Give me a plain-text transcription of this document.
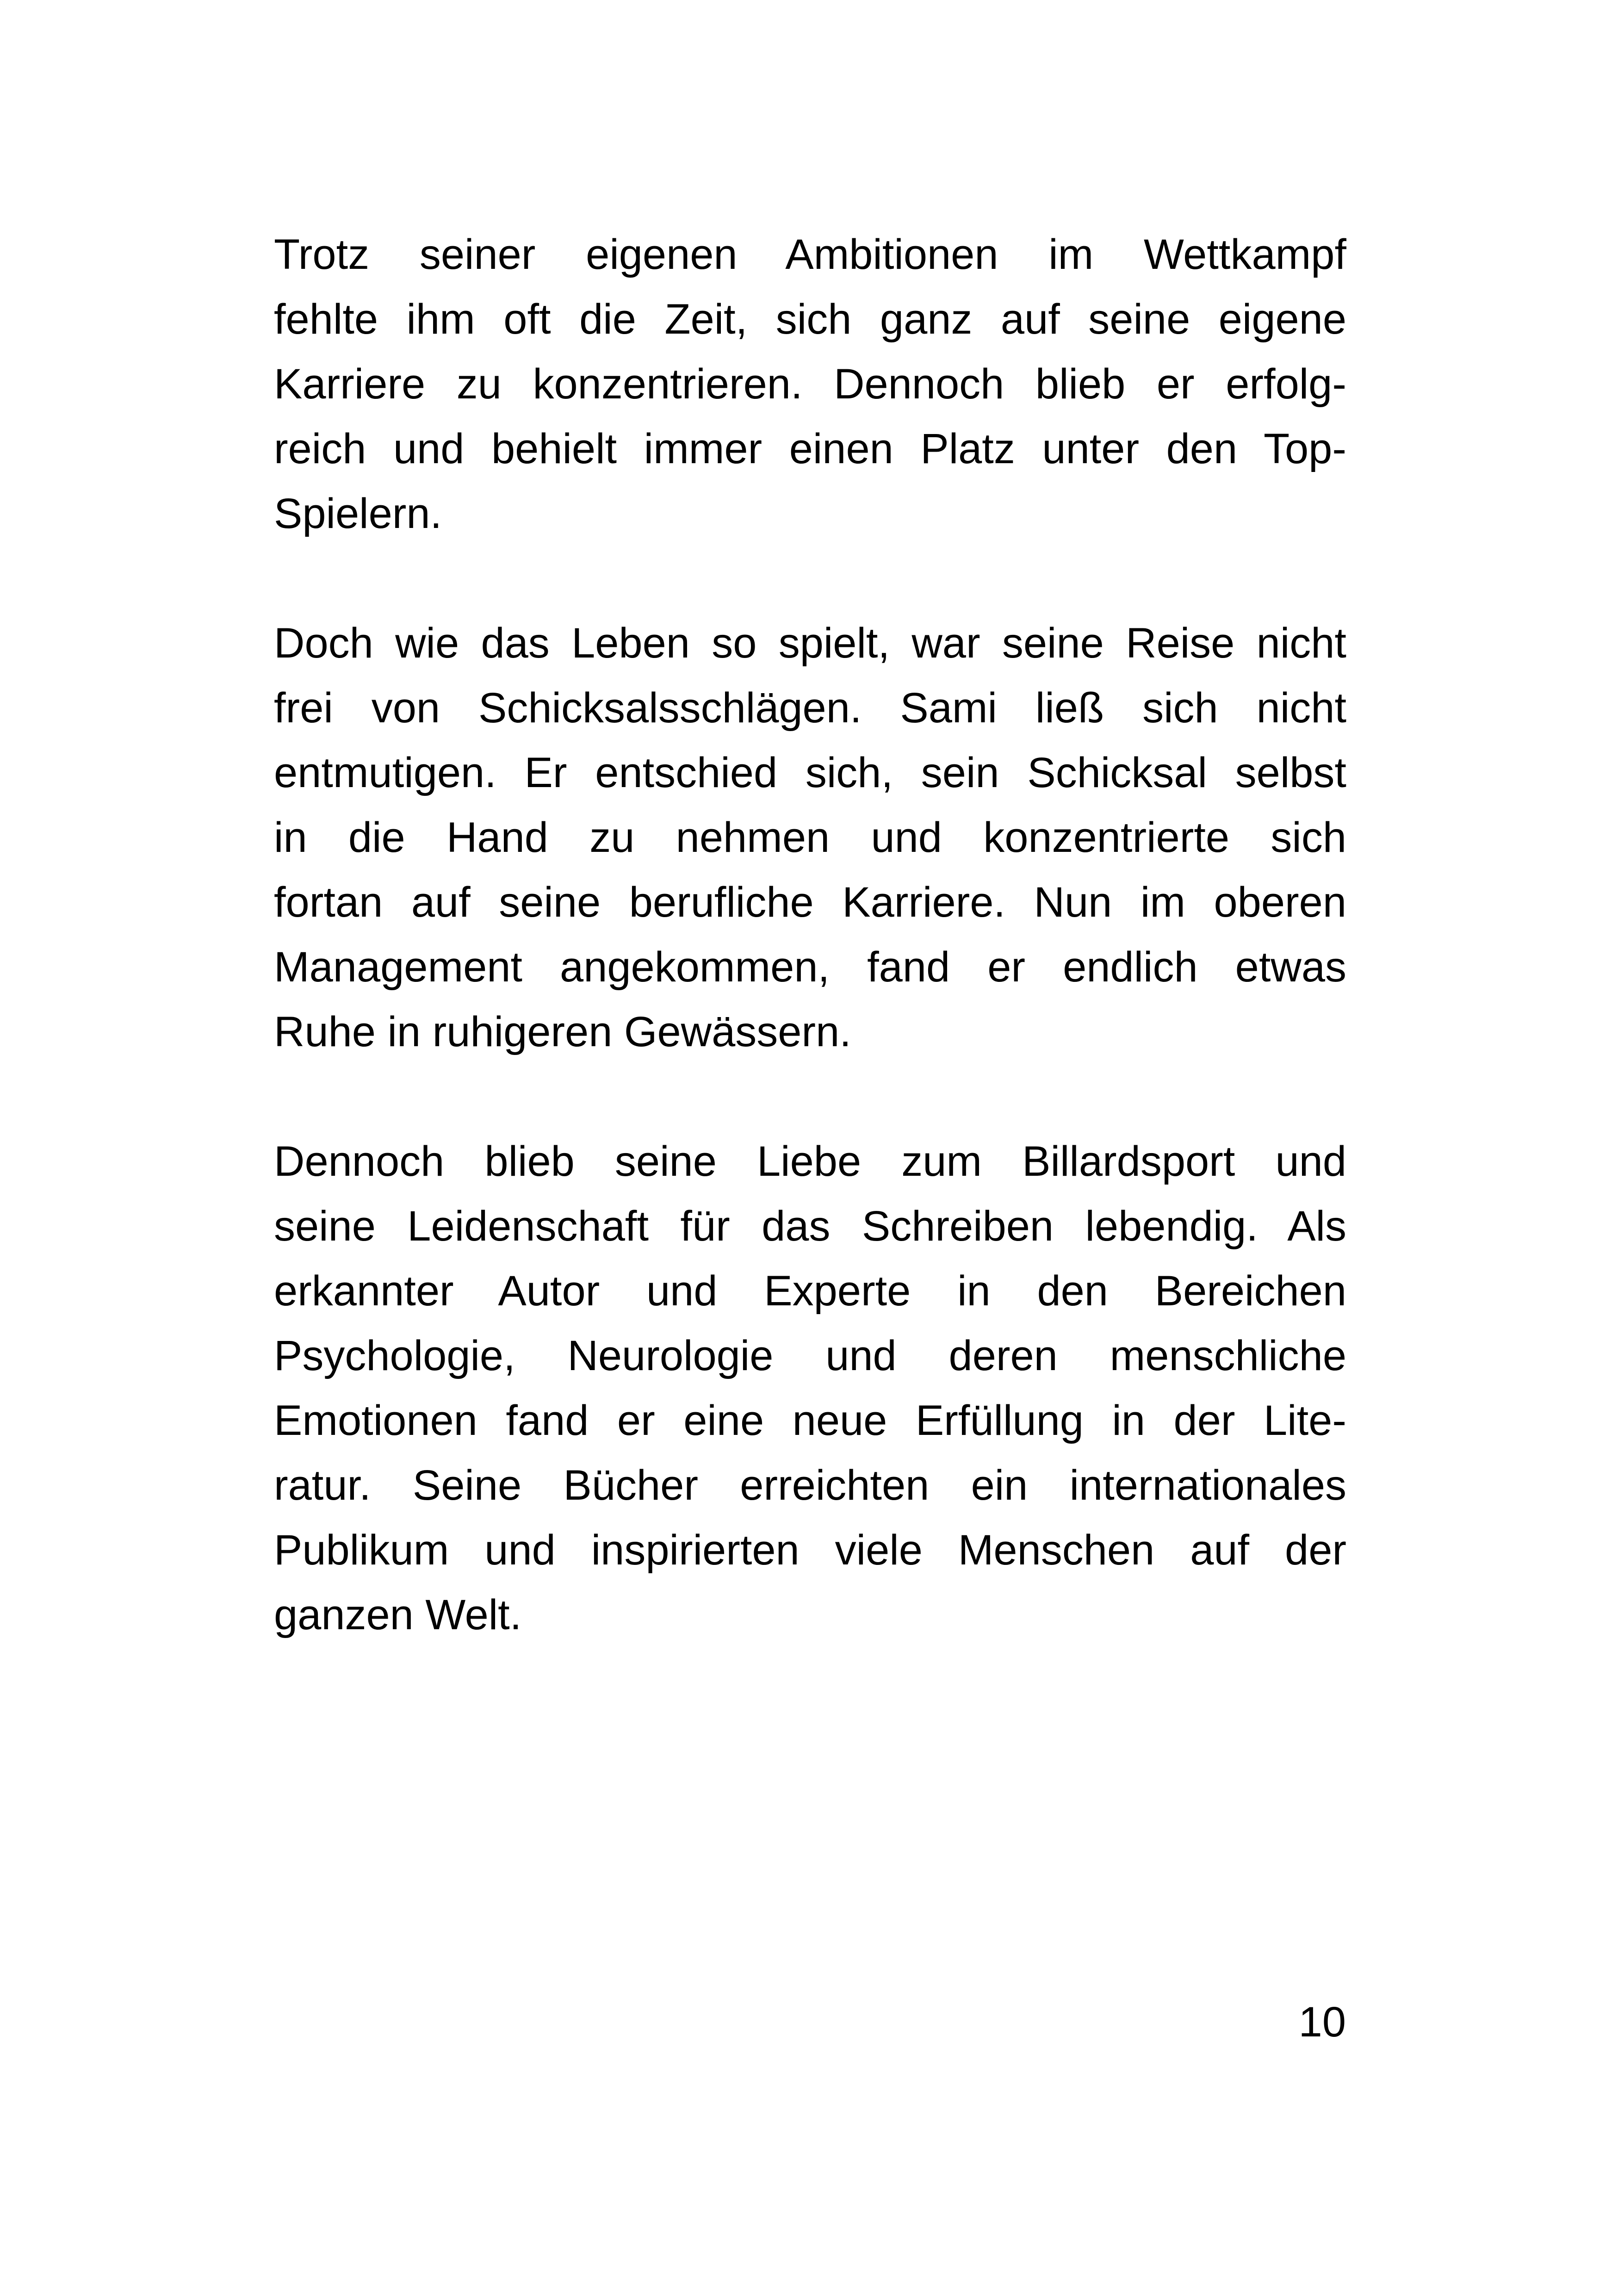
Trotz seiner eigenen Ambitionen im Wettkampf
fehlte ihm oft die Zeit, sich ganz auf seine eigene
Karriere zu konzentrieren. Dennoch blieb er erfolg-
reich und behielt immer einen Platz unter den Top-
Spielern.
Doch wie das Leben so spielt, war seine Reise nicht
frei von Schicksalsschlägen. Sami ließ sich nicht
entmutigen. Er entschied sich, sein Schicksal selbst
in die Hand zu nehmen und konzentrierte sich
fortan auf seine berufliche Karriere. Nun im oberen
Management angekommen, fand er endlich etwas
Ruhe in ruhigeren Gewässern.
Dennoch blieb seine Liebe zum Billardsport und
seine Leidenschaft für das Schreiben lebendig. Als
erkannter Autor und Experte in den Bereichen
Psychologie, Neurologie und deren menschliche
Emotionen fand er eine neue Erfüllung in der Lite-
ratur. Seine Bücher erreichten ein internationales
Publikum und inspirierten viele Menschen auf der
ganzen Welt.
10
